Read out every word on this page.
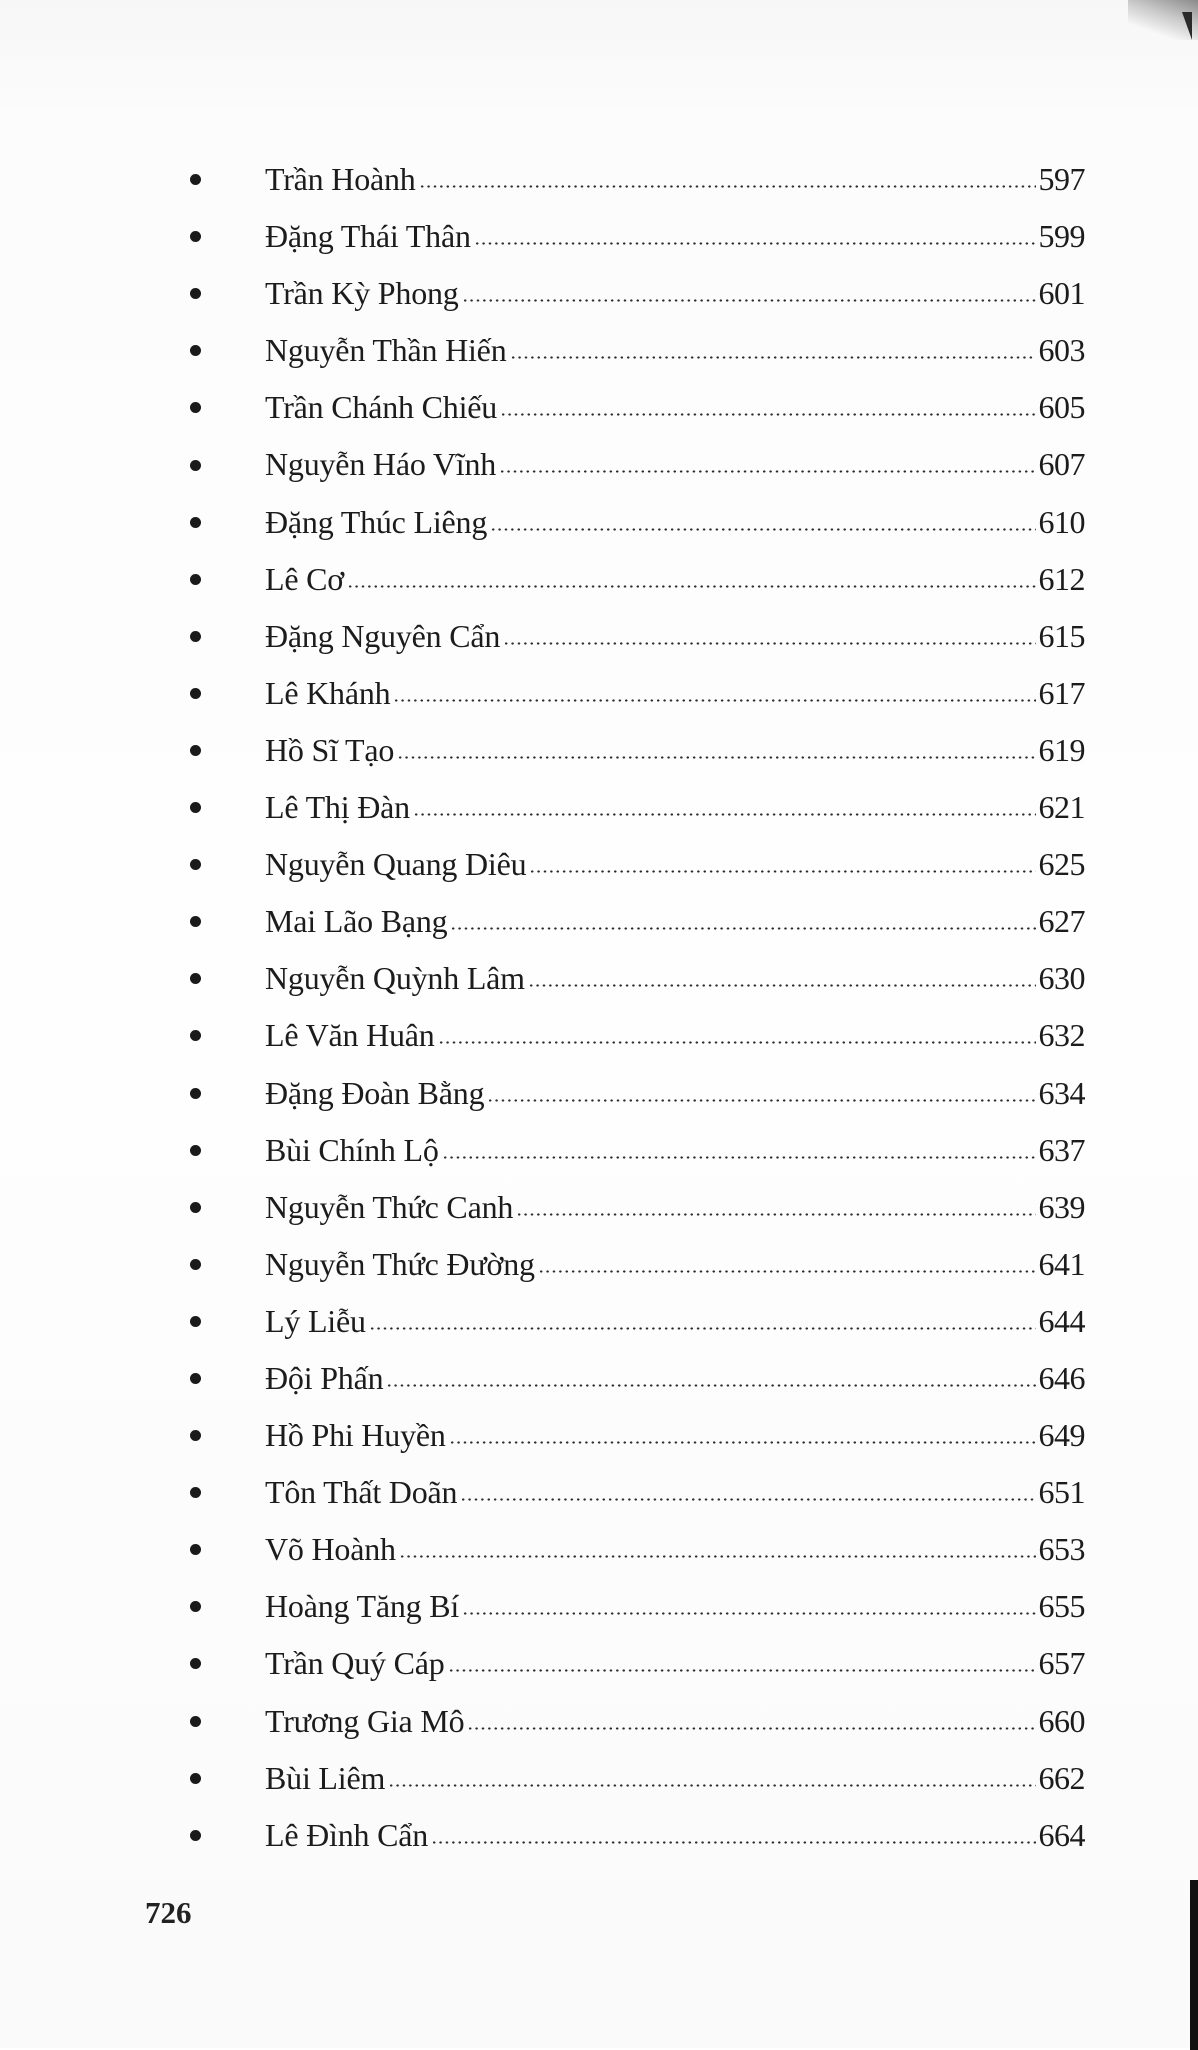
Trần Hoành	597
Đặng Thái Thân	599
Trần Kỳ Phong	601
Nguyễn Thần Hiến	603
Trần Chánh Chiếu	605
Nguyễn Háo Vĩnh	607
Đặng Thúc Liêng	610
Lê Cơ	612
Đặng Nguyên Cẩn	615
Lê Khánh	617
Hồ Sĩ Tạo	619
Lê Thị Đàn	621
Nguyễn Quang Diêu	625
Mai Lão Bạng	627
Nguyễn Quỳnh Lâm	630
Lê Văn Huân	632
Đặng Đoàn Bằng	634
Bùi Chính Lộ	637
Nguyễn Thức Canh	639
Nguyễn Thức Đường	641
Lý Liễu	644
Đội Phấn	646
Hồ Phi Huyền	649
Tôn Thất Doãn	651
Võ Hoành	653
Hoàng Tăng Bí	655
Trần Quý Cáp	657
Trương Gia Mô	660
Bùi Liêm	662
Lê Đình Cẩn	664
726
